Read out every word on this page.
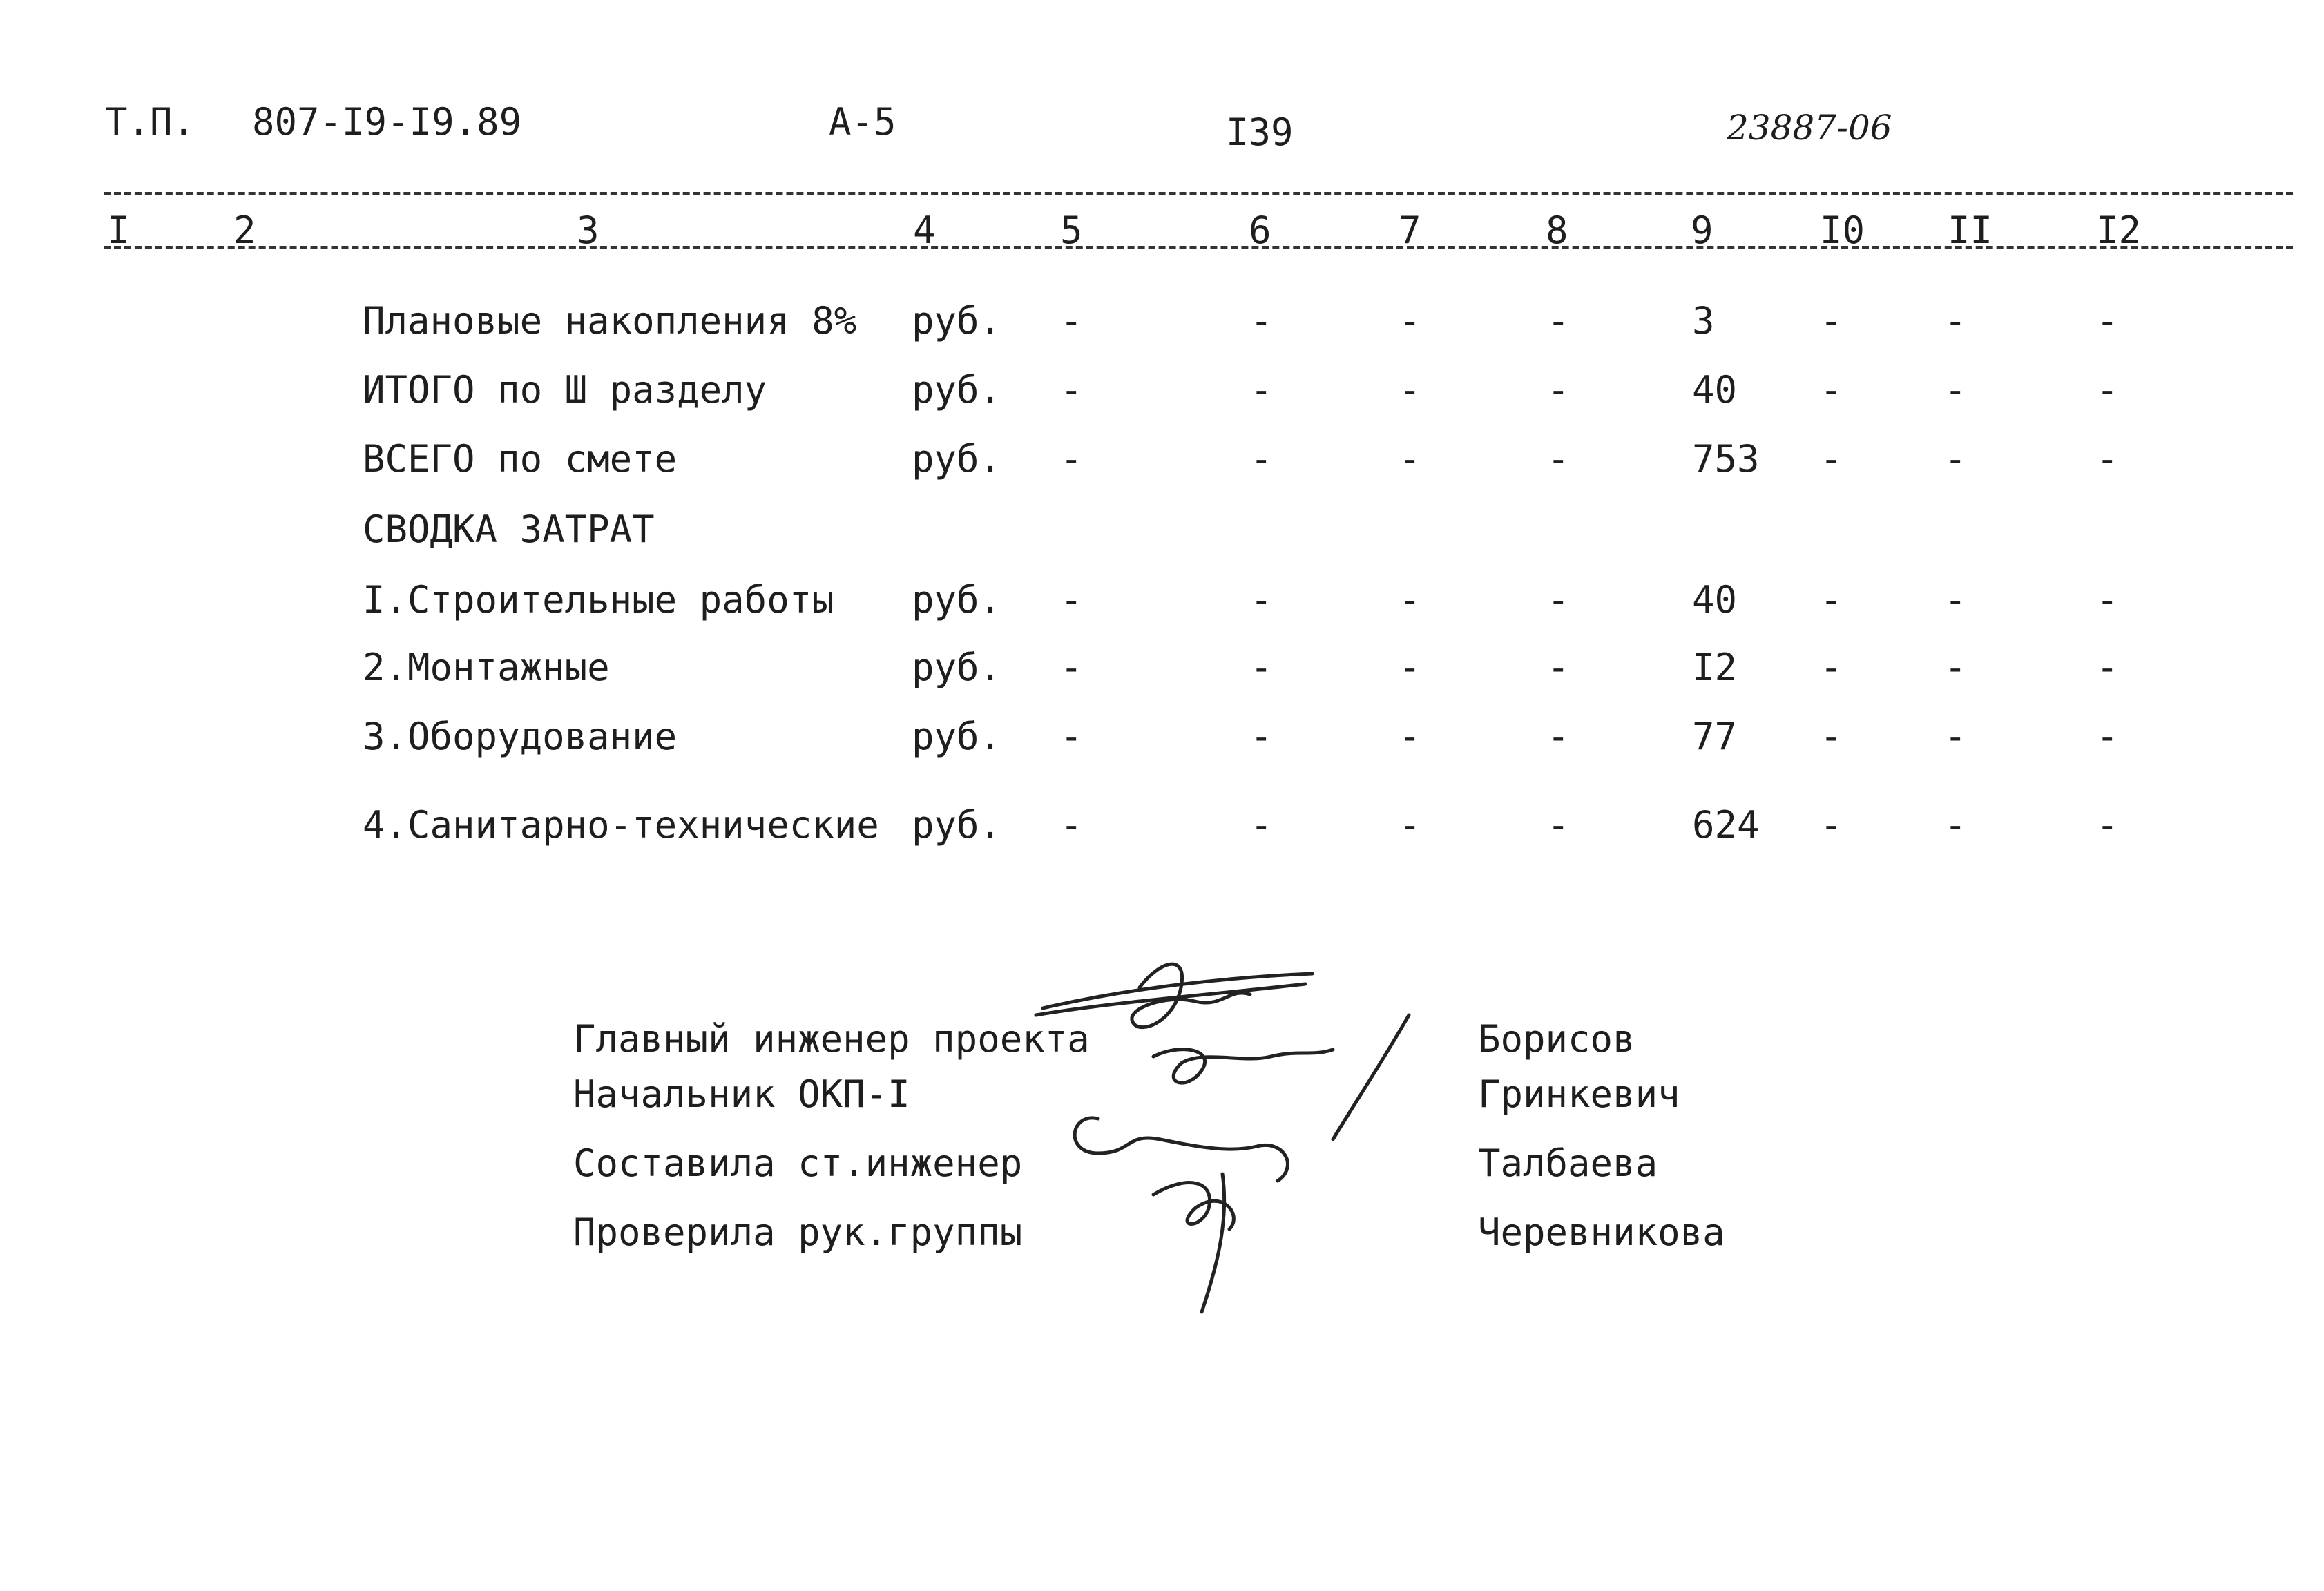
Т.П. 807-I9-I9.89	А-5	I39	23887-06
I	2	3	4	5	6	7	8	9	I0 II	I2
Плановые накопления 8% руб. -	-	-	-	3	-	-	-
ИТОГО по Ш разделу	руб. -	-	-	-	40 -	-	-
ВСЕГО по смете	руб. -	-	-	-	753 -	-	-
СВОДКА ЗАТРАТ
I.Строительные работы руб. -	-	-	-	40 -	-	-
2.Монтажные	руб. -	-	-	-	I2 -	-	-
3.Оборудование	руб. -	-	-	-	77 -	-	-
4.Санитарно-технические руб. -	-	-	-	624 -	-	-
Главный инженер проекта	Борисов
Начальник ОКП-I	Гринкевич
Составила ст.инженер	Талбаева
Проверила рук.группы	Черевникова
